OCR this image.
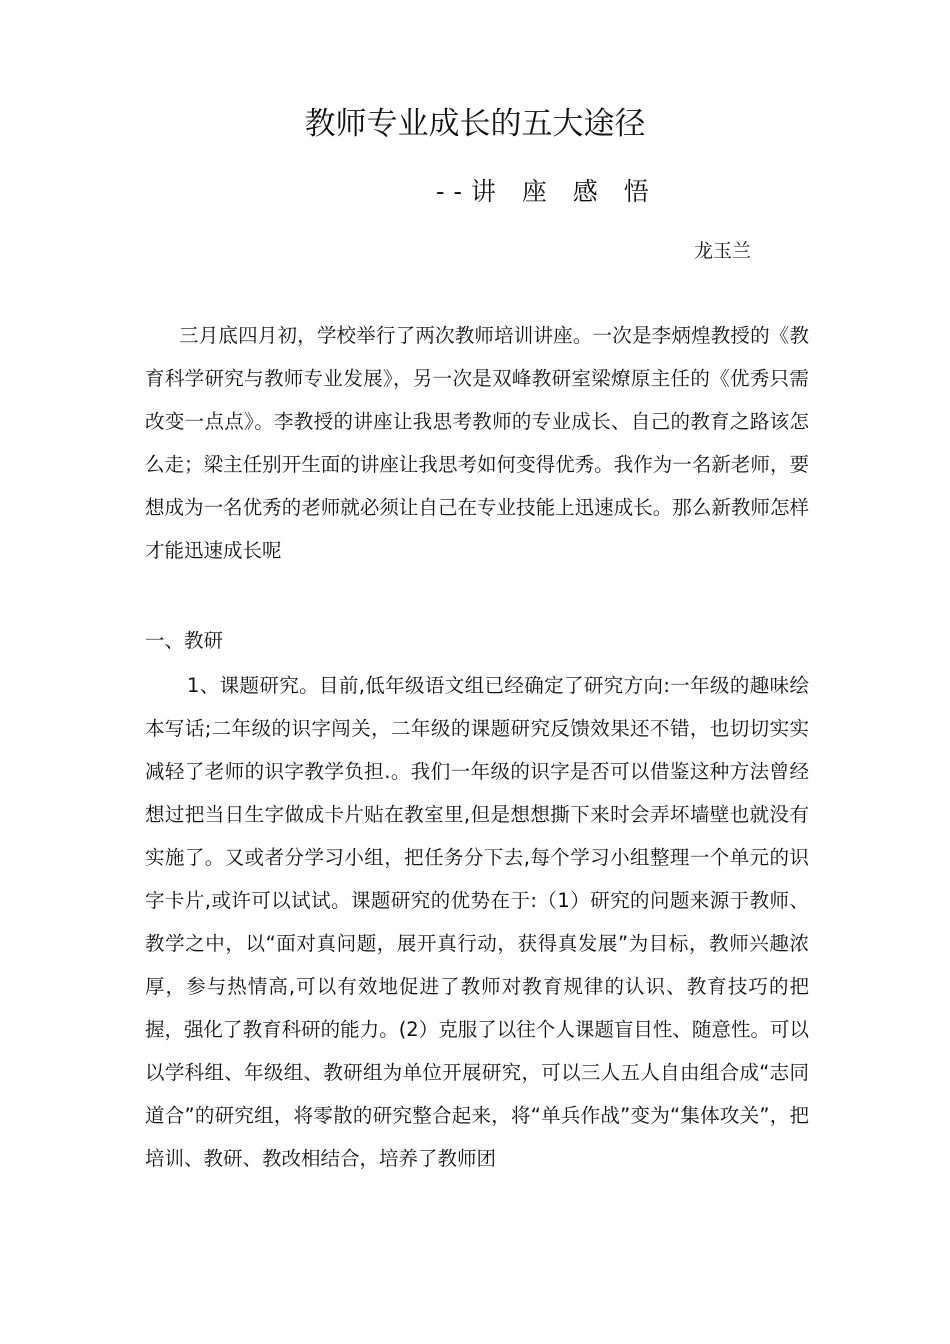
教师专业成长的五大途径
--讲 座 感 悟
龙玉兰

三月底四月初，学校举行了两次教师培训讲座。一次是李炳煌教授的《教育科学研究与教师专业发展》，另一次是双峰教研室梁燎原主任的《优秀只需改变一点点》。李教授的讲座让我思考教师的专业成长、自己的教育之路该怎么走；梁主任别开生面的讲座让我思考如何变得优秀。我作为一名新老师，要想成为一名优秀的老师就必须让自己在专业技能上迅速成长。那么新教师怎样才能迅速成长呢

一、教研

1、课题研究。目前,低年级语文组已经确定了研究方向:一年级的趣味绘本写话;二年级的识字闯关，二年级的课题研究反馈效果还不错，也切切实实减轻了老师的识字教学负担.。我们一年级的识字是否可以借鉴这种方法曾经想过把当日生字做成卡片贴在教室里,但是想想撕下来时会弄坏墙壁也就没有实施了。又或者分学习小组，把任务分下去,每个学习小组整理一个单元的识字卡片,或许可以试试。课题研究的优势在于:（1）研究的问题来源于教师、教学之中，以“面对真问题，展开真行动，获得真发展”为目标，教师兴趣浓厚，参与热情高,可以有效地促进了教师对教育规律的认识、教育技巧的把握，强化了教育科研的能力。(2）克服了以往个人课题盲目性、随意性。可以以学科组、年级组、教研组为单位开展研究，可以三人五人自由组合成“志同道合”的研究组，将零散的研究整合起来，将“单兵作战”变为“集体攻关”，把培训、教研、教改相结合，培养了教师团
